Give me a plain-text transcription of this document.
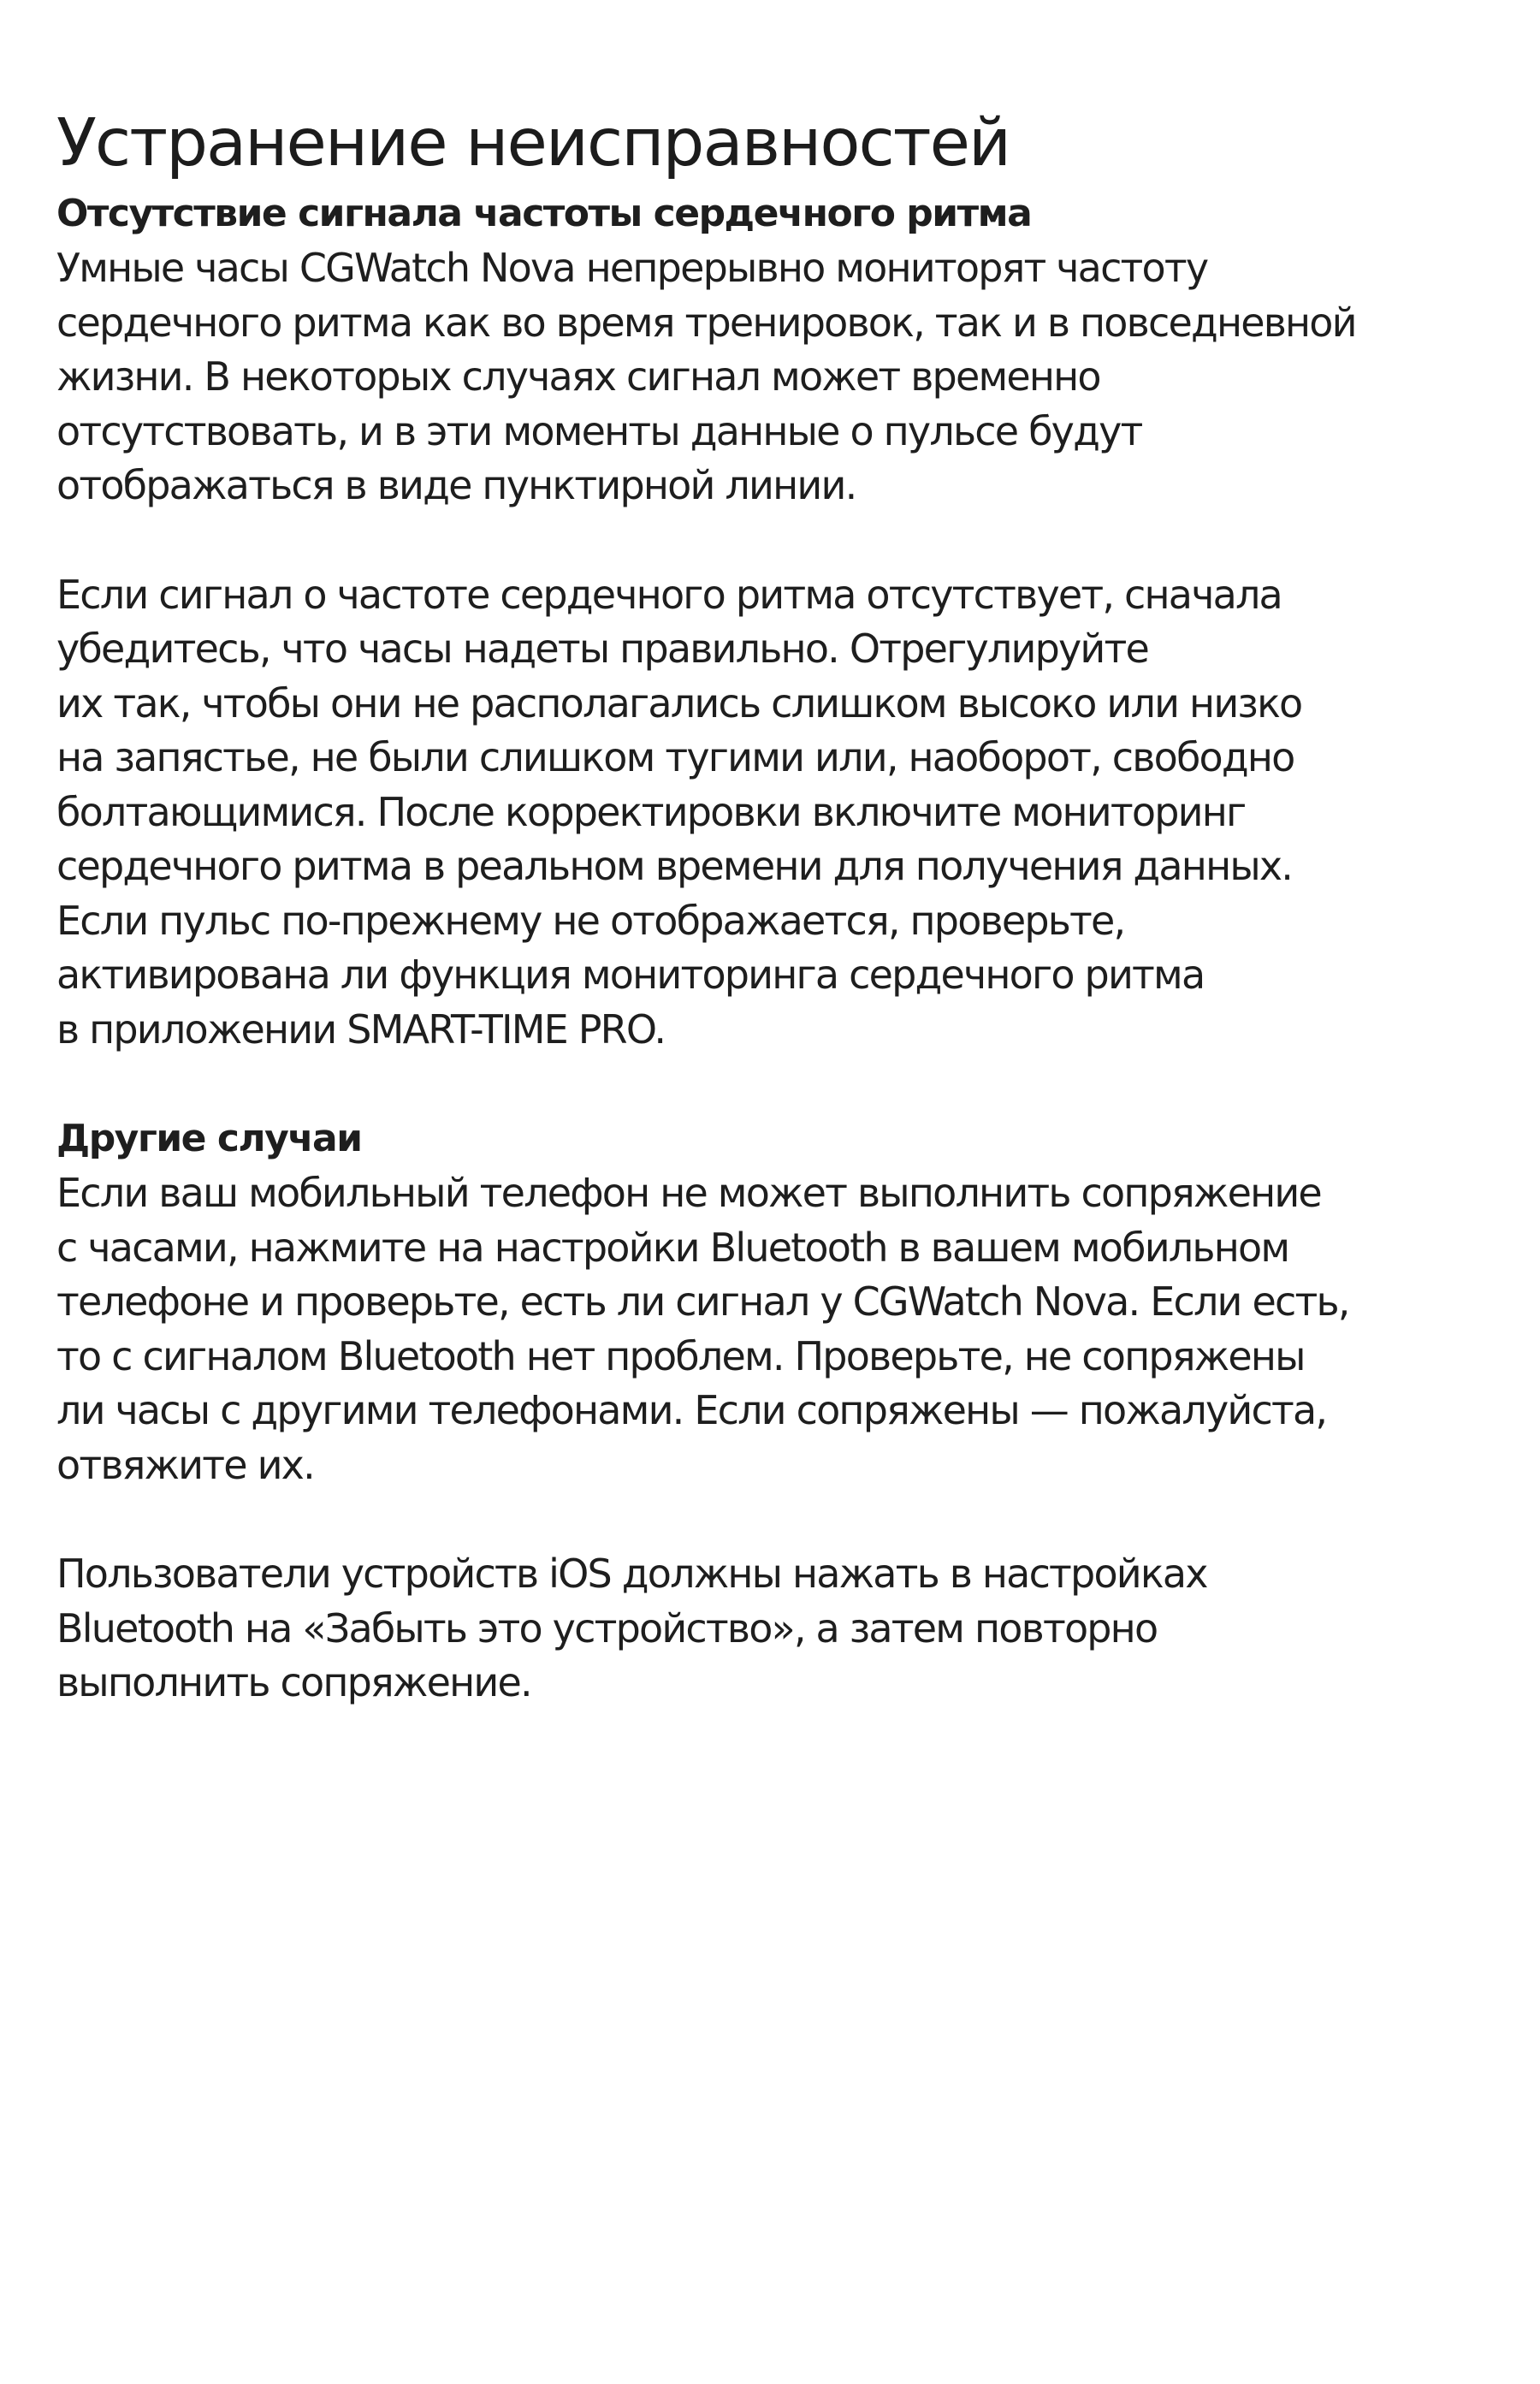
Устранение неисправностей
Отсутствие сигнала частоты сердечного ритма

Умные часы CGWatch Nova непрерывно мониторят частоту
сердечного ритма как во время тренировок, так и в повседневной
жизни. В некоторых случаях сигнал может временно
отсутствовать, и в эти моменты данные о пульсе будут
отображаться в виде пунктирной линии.

Если сигнал о частоте сердечного ритма отсутствует, сначала
убедитесь, что часы надеты правильно. Отрегулируйте
их так, чтобы они не располагались слишком высоко или низко
на запястье, не были слишком тугими или, наоборот, свободно
болтающимися. После корректировки включите мониторинг
сердечного ритма в реальном времени для получения данных.
Если пульс по-прежнему не отображается, проверьте,
активирована ли функция мониторинга сердечного ритма
в приложении SMART-TIME PRO.

Другие случаи

Если ваш мобильный телефон не может выполнить сопряжение
с часами, нажмите на настройки Bluetooth в вашем мобильном
телефоне и проверьте, есть ли сигнал у CGWatch Nova. Если есть,
то с сигналом Bluetooth нет проблем. Проверьте, не сопряжены
ли часы с другими телефонами. Если сопряжены — пожалуйста,
отвяжите их.

Пользователи устройств iOS должны нажать в настройках
Bluetooth на «Забыть это устройство», а затем повторно
выполнить сопряжение.
